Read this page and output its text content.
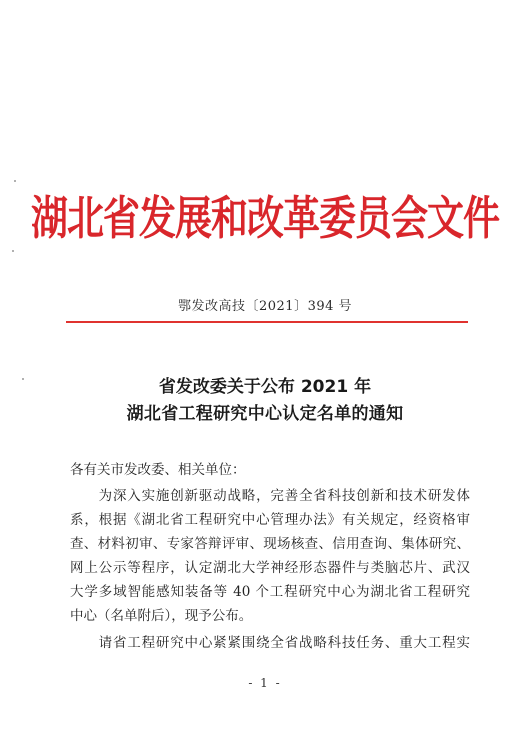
湖北省发展和改革委员会文件
鄂发改高技〔2021〕394 号
省发改委关于公布 2021 年
湖北省工程研究中心认定名单的通知
各有关市发改委、相关单位：
　　为深入实施创新驱动战略，完善全省科技创新和技术研发体
系，根据《湖北省工程研究中心管理办法》有关规定，经资格审
查、材料初审、专家答辩评审、现场核查、信用查询、集体研究、
网上公示等程序，认定湖北大学神经形态器件与类脑芯片、武汉
大学多域智能感知装备等 40 个工程研究中心为湖北省工程研究
中心（名单附后），现予公布。
　　请省工程研究中心紧紧围绕全省战略科技任务、重大工程实
- 1 -
